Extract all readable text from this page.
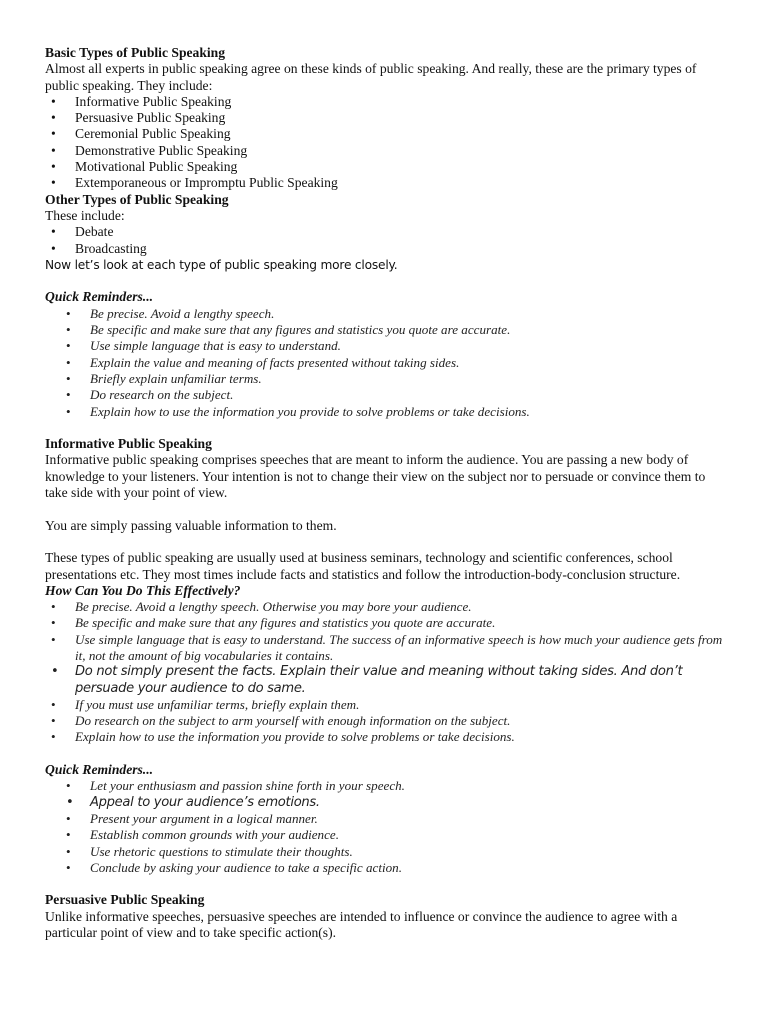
Basic Types of Public Speaking

Almost all experts in public speaking agree on these kinds of public speaking. And really, these are the primary types of public speaking. They include:

• Informative Public Speaking
• Persuasive Public Speaking
• Ceremonial Public Speaking
• Demonstrative Public Speaking
• Motivational Public Speaking
• Extemporaneous or Impromptu Public Speaking

Other Types of Public Speaking

These include:

• Debate
• Broadcasting

Now let’s look at each type of public speaking more closely.

Quick Reminders...

• Be precise. Avoid a lengthy speech.
• Be specific and make sure that any figures and statistics you quote are accurate.
• Use simple language that is easy to understand.
• Explain the value and meaning of facts presented without taking sides.
• Briefly explain unfamiliar terms.
• Do research on the subject.
• Explain how to use the information you provide to solve problems or take decisions.

Informative Public Speaking

Informative public speaking comprises speeches that are meant to inform the audience. You are passing a new body of knowledge to your listeners. Your intention is not to change their view on the subject nor to persuade or convince them to take side with your point of view.

You are simply passing valuable information to them.

These types of public speaking are usually used at business seminars, technology and scientific conferences, school presentations etc. They most times include facts and statistics and follow the introduction-body-conclusion structure.

How Can You Do This Effectively?

• Be precise. Avoid a lengthy speech. Otherwise you may bore your audience.
• Be specific and make sure that any figures and statistics you quote are accurate.
• Use simple language that is easy to understand. The success of an informative speech is how much your audience gets from it, not the amount of big vocabularies it contains.
• Do not simply present the facts. Explain their value and meaning without taking sides. And don’t persuade your audience to do same.
• If you must use unfamiliar terms, briefly explain them.
• Do research on the subject to arm yourself with enough information on the subject.
• Explain how to use the information you provide to solve problems or take decisions.

Quick Reminders...

• Let your enthusiasm and passion shine forth in your speech.
• Appeal to your audience’s emotions.
• Present your argument in a logical manner.
• Establish common grounds with your audience.
• Use rhetoric questions to stimulate their thoughts.
• Conclude by asking your audience to take a specific action.

Persuasive Public Speaking

Unlike informative speeches, persuasive speeches are intended to influence or convince the audience to agree with a particular point of view and to take specific action(s).
